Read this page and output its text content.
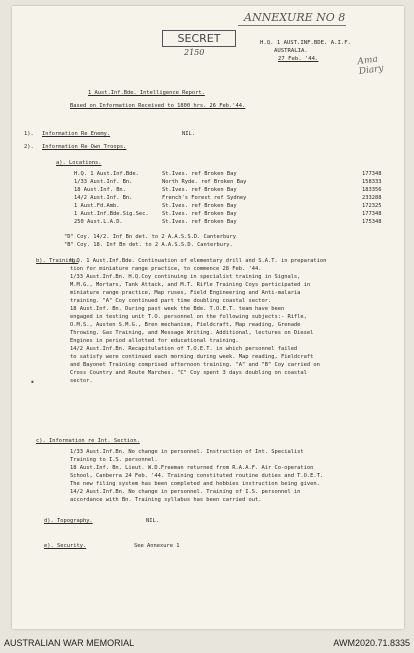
ANNEXURE NO 8
SECRET
2150
Ama Diary
H.Q. 1 AUST.INF.BDE. A.I.F.
AUSTRALIA.
27 Feb. '44.
1 Aust.Inf.Bde. Intelligence Report.
Based on Information Received to 1800 hrs. 26 Feb.'44.
1). Information Re Enemy.	NIL.
2). Information Re Own Troops.
a). Locations.
H.Q. 1 Aust.Inf.Bde.	St.Ives. ref Broken Bay	177348
1/33 Aust.Inf. Bn.	North Ryde. ref Broken Bay	158333
18 Aust.Inf. Bn.	St.Ives. ref Broken Bay	183356
14/2 Aust.Inf. Bn.	French's Forest ref Sydney	233288
1 Aust.Fd.Amb.	St.Ives. ref Broken Bay	172325
1 Aust.Inf.Bde.Sig.Sec. St.Ives. ref Broken Bay	177348
250 Aust.L.A.D.	St.Ives. ref Broken Bay	175348
"D" Coy. 14/2. Inf Bn det. to 2 A.A.S.S.D. Canterbury
"B" Coy. 18. Inf Bn det. to 2 A.A.S.S.D. Canterbury.
b). Training.
H.Q. 1 Aust.Inf.Bde. Continuation of elementary drill and S.A.T. in preparation
tion for miniature range practice, to commence 28 Feb. '44.
1/33 Aust.Inf.Bn. H.Q.Coy continuing in specialist training in Signals,
M.M.G., Mortars, Tank Attack, and M.T. Rifle Training Coys participated in
miniature range practice, Map ruses, Field Engineering and Anti-malaria
training. "A" Coy continued part time doubling coastal sector.
18 Aust.Inf. Bn. During past week the Bde. T.O.E.T. team have been
engaged in testing unit T.O. personnel on the following subjects:- Rifle,
O.M.S., Austen S.M.G., Bren mechanism, Fieldcraft, Map reading, Grenade
Throwing. Gas Training, and Message Writing. Additional, lectures on Diesel
Engines in period allotted for educational training.
14/2 Aust.Inf.Bn. Recapitulation of T.O.E.T. in which personnel failed
to satisfy were continued each morning during week. Map reading, Fieldcraft
and Bayonet Training comprised afternoon training. "A" and "B" Coy carried on
Cross Country and Route Marches. "C" Coy spent 3 days doubling on coastal
sector.
•
c). Information re Int. Section.
1/33 Aust.Inf.Bn. No change in personnel. Instruction of Int. Specialist
Training to I.S. personnel.
18 Aust.Inf. Bn. Lieut. W.D.Freeman returned from R.A.A.F. Air Co-operation
School, Canberra 24 Feb. '44. Training constituted routine duties and T.O.E.T.
The new filing system has been completed and hobbies instruction being given.
14/2 Aust.Inf.Bn. No change in personnel. Training of I.S. personnel in
accordance with Bn. Training syllabus has been carried out.
d). Topography.	NIL.
e). Security.	See Annexure 1
AUSTRALIAN WAR MEMORIAL	AWM2020.71.8335
